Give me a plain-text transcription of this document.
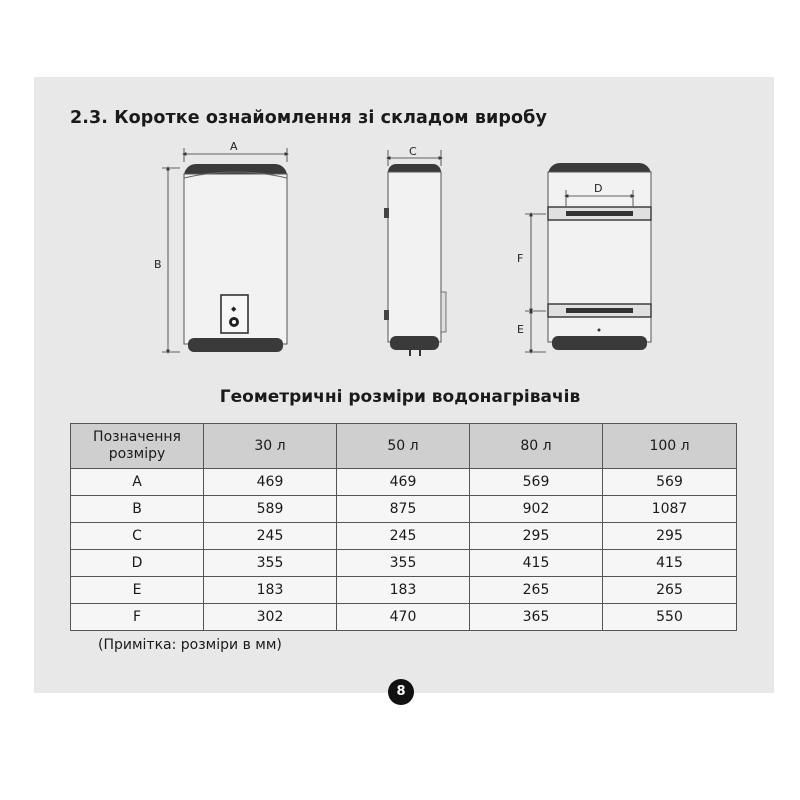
2.3. Коротке ознайомлення зі складом виробу
◆
A
B
C
D
F
E
Геометричні розміри водонагрівачів
Позначення розміру	30 л	50 л	80 л	100 л
A	469	469	569	569
B	589	875	902	1087
C	245	245	295	295
D	355	355	415	415
E	183	183	265	265
F	302	470	365	550
(Примітка: розміри в мм)
8
